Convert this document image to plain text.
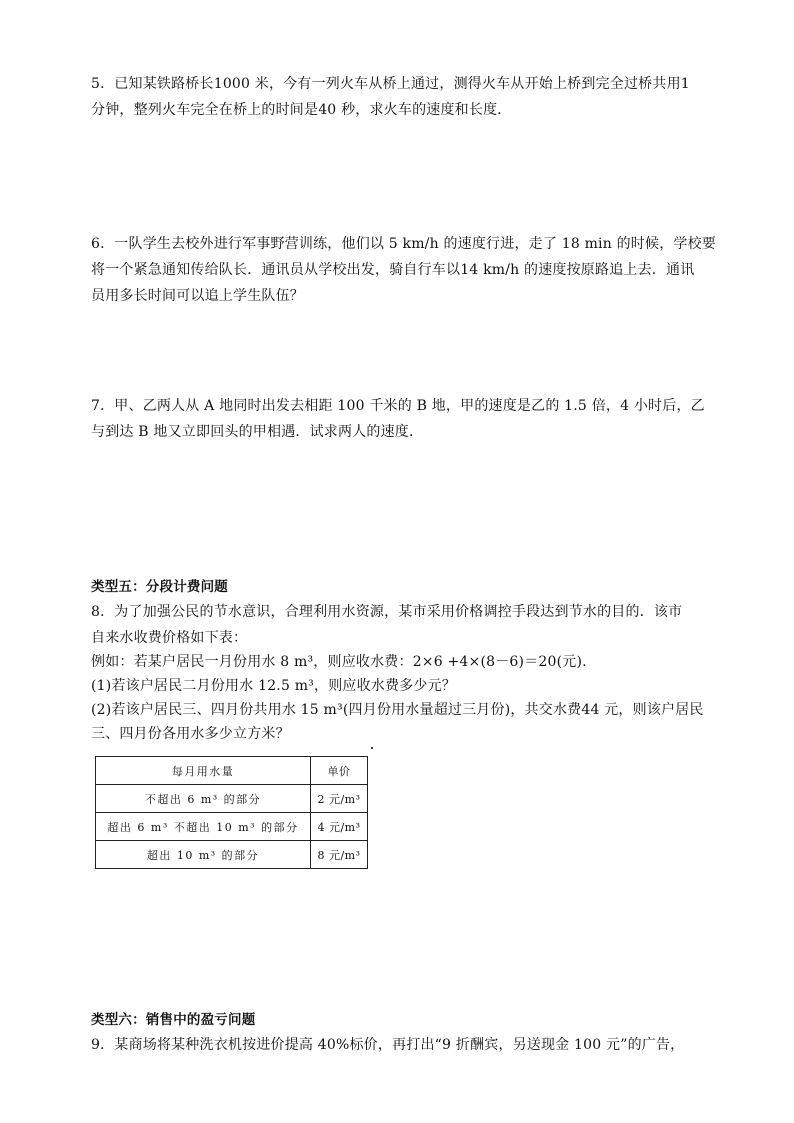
5．已知某铁路桥长1000 米，今有一列火车从桥上通过，测得火车从开始上桥到完全过桥共用1
分钟，整列火车完全在桥上的时间是40 秒，求火车的速度和长度．
6．一队学生去校外进行军事野营训练，他们以 5 km/h 的速度行进，走了 18 min 的时候，学校要
将一个紧急通知传给队长．通讯员从学校出发，骑自行车以14 km/h 的速度按原路追上去．通讯
员用多长时间可以追上学生队伍？
7．甲、乙两人从 A 地同时出发去相距 100 千米的 B 地，甲的速度是乙的 1.5 倍，4 小时后，乙
与到达 B 地又立即回头的甲相遇．试求两人的速度．
类型五：分段计费问题
8．为了加强公民的节水意识，合理利用水资源，某市采用价格调控手段达到节水的目的．该市
自来水收费价格如下表：
例如：若某户居民一月份用水 8 m³，则应收水费：2×6 +4×(8－6)＝20(元).
(1)若该户居民二月份用水 12.5 m³，则应收水费多少元？
(2)若该户居民三、四月份共用水 15 m³(四月份用水量超过三月份)，共交水费44 元，则该户居民
三、四月份各用水多少立方米？
每月用水量	单价
不超出 6 m³ 的部分	2 元/m³
超出 6 m³ 不超出 10 m³ 的部分	4 元/m³
超出 10 m³ 的部分	8 元/m³
类型六：销售中的盈亏问题
9．某商场将某种洗衣机按进价提高 40%标价，再打出“9 折酬宾，另送现金 100 元”的广告，
